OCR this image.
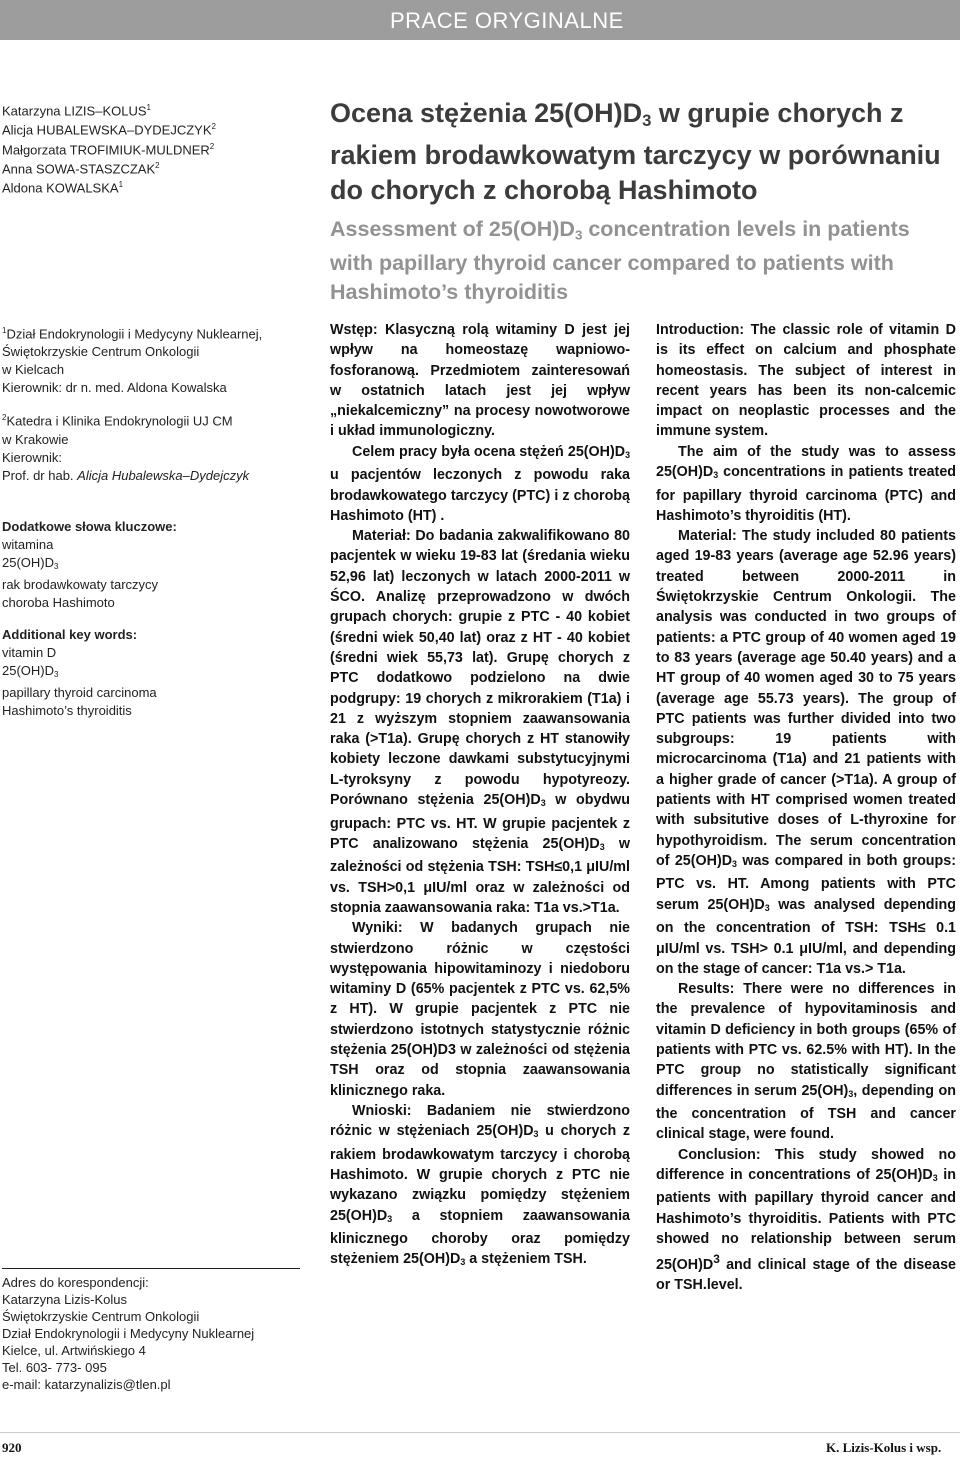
PRACE ORYGINALNE
Katarzyna LIZIS–KOLUS$^1$
Alicja HUBALEWSKA–DYDEJCZYK$^2$
Małgorzata TROFIMIUK-MULDNER$^2$
Anna SOWA-STASZCZAK$^2$
Aldona KOWALSKA$^1$
Ocena stężenia $25(OH)D_3$ w grupie chorych z rakiem brodawkowatym tarczycy w porównaniu do chorych z chorobą Hashimoto
Assessment of $25(OH)D_3$ concentration levels in patients with papillary thyroid cancer compared to patients with Hashimoto’s thyroiditis
$^1$Dział Endokrynologii i Medycyny Nuklearnej,
Świętokrzyskie Centrum Onkologii
w Kielcach
Kierownik: dr n. med. Aldona Kowalska
$^2$Katedra i Klinika Endokrynologii UJ CM
w Krakowie
Kierownik:
Prof. dr hab. Alicja Hubalewska–Dydejczyk
Dodatkowe słowa kluczowe:
witamina
$25(OH)D_3$
rak brodawkowaty tarczycy
choroba Hashimoto
Additional key words:
vitamin D
$25(OH)D_3$
papillary thyroid carcinoma
Hashimoto’s thyroiditis
Adres do korespondencji:
Katarzyna Lizis-Kolus
Świętokrzyskie Centrum Onkologii
Dział Endokrynologii i Medycyny Nuklearnej
Kielce, ul. Artwińskiego 4
Tel. 603- 773- 095
e-mail: katarzynalizis@tlen.pl

Wstęp: Klasyczną rolą witaminy D jest jej wpływ na homeostazę wapniowo-fosforanową. Przedmiotem zainteresowań w ostatnich latach jest jej wpływ „niekalcemiczny” na procesy nowotworowe i układ immunologiczny.

Celem pracy była ocena stężeń $25(OH)D_3$ u pacjentów leczonych z powodu raka brodawkowatego tarczycy (PTC) i z chorobą Hashimoto (HT) .

Materiał: Do badania zakwalifikowano 80 pacjentek w wieku 19-83 lat (średania wieku 52,96 lat) leczonych w latach 2000-2011 w ŚCO. Analizę przeprowadzono w dwóch grupach chorych: grupie z PTC - 40 kobiet (średni wiek 50,40 lat) oraz z HT - 40 kobiet (średni wiek 55,73 lat). Grupę chorych z PTC dodatkowo podzielono na dwie podgrupy: 19 chorych z mikrorakiem (T1a) i 21 z wyższym stopniem zaawansowania raka (>T1a). Grupę chorych z HT stanowiły kobiety leczone dawkami substytucyjnymi L-tyroksyny z powodu hypotyreozy. Porównano stężenia $25(OH)D_3$ w obydwu grupach: PTC vs. HT. W grupie pacjentek z PTC analizowano stężenia $25(OH)D_3$ w zależności od stężenia TSH: TSH≤0,1 μIU/ml vs. TSH>0,1 μIU/ml oraz w zależności od stopnia zaawansowania raka: T1a vs.>T1a.

Wyniki: W badanych grupach nie stwierdzono różnic w częstości występowania hipowitaminozy i niedoboru witaminy D (65% pacjentek z PTC vs. 62,5% z HT). W grupie pacjentek z PTC nie stwierdzono istotnych statystycznie różnic stężenia 25(OH)D3 w zależności od stężenia TSH oraz od stopnia zaawansowania klinicznego raka.

Wnioski: Badaniem nie stwierdzono różnic w stężeniach $25(OH)D_3$ u chorych z rakiem brodawkowatym tarczycy i chorobą Hashimoto. W grupie chorych z PTC nie wykazano związku pomiędzy stężeniem $25(OH)D_3$ a stopniem zaawansowania klinicznego choroby oraz pomiędzy stężeniem $25(OH)D_3$ a stężeniem TSH.

Introduction: The classic role of vitamin D is its effect on calcium and phosphate homeostasis. The subject of interest in recent years has been its non-calcemic impact on neoplastic processes and the immune system.

The aim of the study was to assess $25(OH)D_3$ concentrations in patients treated for papillary thyroid carcinoma (PTC) and Hashimoto’s thyroiditis (HT).

Material: The study included 80 patients aged 19-83 years (average age 52.96 years) treated between 2000-2011 in Świętokrzyskie Centrum Onkologii. The analysis was conducted in two groups of patients: a PTC group of 40 women aged 19 to 83 years (average age 50.40 years) and a HT group of 40 women aged 30 to 75 years (average age 55.73 years). The group of PTC patients was further divided into two subgroups: 19 patients with microcarcinoma (T1a) and 21 patients with a higher grade of cancer (>T1a). A group of patients with HT comprised women treated with subsitutive doses of L-thyroxine for hypothyroidism. The serum concentration of $25(OH)D_3$ was compared in both groups: PTC vs. HT. Among patients with PTC serum $25(OH)D_3$ was analysed depending on the concentration of TSH: TSH≤ 0.1 μIU/ml vs. TSH> 0.1 μIU/ml, and depending on the stage of cancer: T1a vs.> T1a.

Results: There were no differences in the prevalence of hypovitaminosis and vitamin D deficiency in both groups (65% of patients with PTC vs. 62.5% with HT). In the PTC group no statistically significant differences in serum $25(OH)_3$, depending on the concentration of TSH and cancer clinical stage, were found.

Conclusion: This study showed no difference in concentrations of $25(OH)D_3$ in patients with papillary thyroid cancer and Hashimoto’s thyroiditis. Patients with PTC showed no relationship between serum $25(OH)D^3$ and clinical stage of the disease or TSH.level.

920	K. Lizis-Kolus i wsp.
